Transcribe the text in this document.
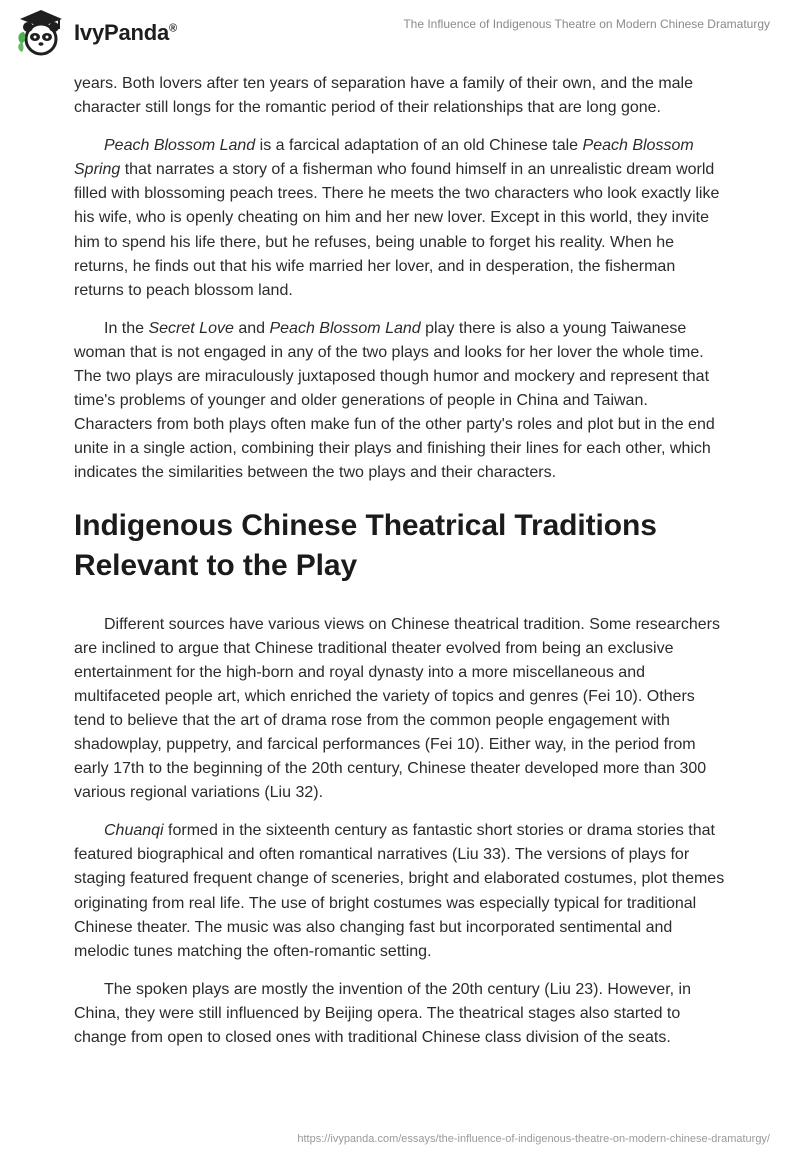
IvyPanda®	The Influence of Indigenous Theatre on Modern Chinese Dramaturgy

years. Both lovers after ten years of separation have a family of their own, and the male character still longs for the romantic period of their relationships that are long gone.

Peach Blossom Land is a farcical adaptation of an old Chinese tale Peach Blossom Spring that narrates a story of a fisherman who found himself in an unrealistic dream world filled with blossoming peach trees. There he meets the two characters who look exactly like his wife, who is openly cheating on him and her new lover. Except in this world, they invite him to spend his life there, but he refuses, being unable to forget his reality. When he returns, he finds out that his wife married her lover, and in desperation, the fisherman returns to peach blossom land.

In the Secret Love and Peach Blossom Land play there is also a young Taiwanese woman that is not engaged in any of the two plays and looks for her lover the whole time. The two plays are miraculously juxtaposed though humor and mockery and represent that time's problems of younger and older generations of people in China and Taiwan. Characters from both plays often make fun of the other party's roles and plot but in the end unite in a single action, combining their plays and finishing their lines for each other, which indicates the similarities between the two plays and their characters.

Indigenous Chinese Theatrical Traditions Relevant to the Play

Different sources have various views on Chinese theatrical tradition. Some researchers are inclined to argue that Chinese traditional theater evolved from being an exclusive entertainment for the high-born and royal dynasty into a more miscellaneous and multifaceted people art, which enriched the variety of topics and genres (Fei 10). Others tend to believe that the art of drama rose from the common people engagement with shadowplay, puppetry, and farcical performances (Fei 10). Either way, in the period from early 17th to the beginning of the 20th century, Chinese theater developed more than 300 various regional variations (Liu 32).

Chuanqi formed in the sixteenth century as fantastic short stories or drama stories that featured biographical and often romantical narratives (Liu 33). The versions of plays for staging featured frequent change of sceneries, bright and elaborated costumes, plot themes originating from real life. The use of bright costumes was especially typical for traditional Chinese theater. The music was also changing fast but incorporated sentimental and melodic tunes matching the often-romantic setting.

The spoken plays are mostly the invention of the 20th century (Liu 23). However, in China, they were still influenced by Beijing opera. The theatrical stages also started to change from open to closed ones with traditional Chinese class division of the seats.

https://ivypanda.com/essays/the-influence-of-indigenous-theatre-on-modern-chinese-dramaturgy/
